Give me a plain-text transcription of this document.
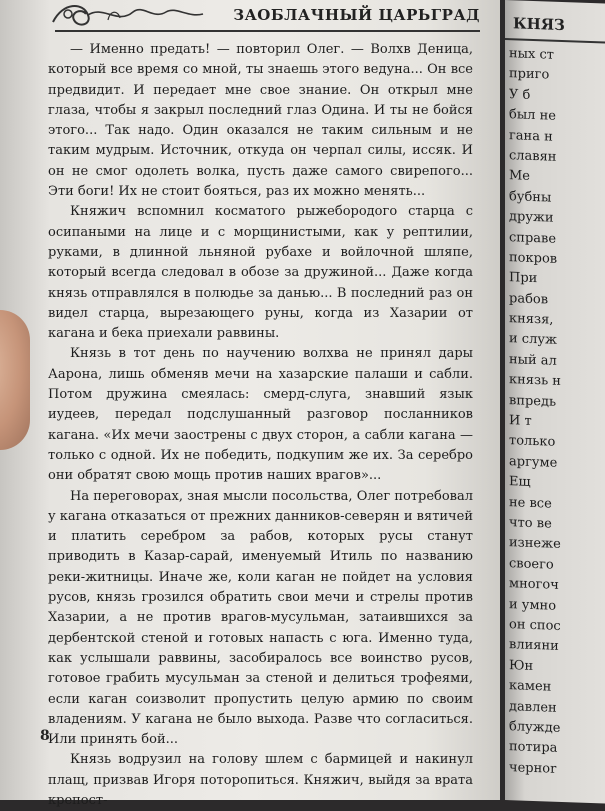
ЗАОБЛАЧНЫЙ ЦАРЬГРАД

— Именно предать! — повторил Олег. — Волхв Деница, который все время со мной, ты знаешь этого ведуна... Он все предвидит. И передает мне свое знание. Он открыл мне глаза, чтобы я закрыл последний глаз Одина. И ты не бойся этого... Так надо. Один оказался не таким сильным и не таким мудрым. Источник, откуда он черпал силы, иссяк. И он не смог одолеть волка, пусть даже самого свирепого... Эти боги! Их не стоит бояться, раз их можно менять...

Княжич вспомнил косматого рыжебородого старца с осипаными на лице и с морщинистыми, как у рептилии, руками, в длинной льняной рубахе и войлочной шляпе, который всегда следовал в обозе за дружиной... Даже когда князь отправлялся в полюдье за данью... В последний раз он видел старца, вырезающего руны, когда из Хазарии от кагана и бека приехали раввины.

Князь в тот день по научению волхва не принял дары Аарона, лишь обменяв мечи на хазарские палаши и сабли. Потом дружина смеялась: смерд-слуга, знавший язык иудеев, передал подслушанный разговор посланников кагана. «Их мечи заострены с двух сторон, а сабли кагана — только с одной. Их не победить, подкупим же их. За серебро они обратят свою мощь против наших врагов»...

На переговорах, зная мысли посольства, Олег потребовал у кагана отказаться от прежних данников-северян и вятичей и платить серебром за рабов, которых русы станут приводить в Казар-сарай, именуемый Итиль по названию реки-житницы. Иначе же, коли каган не пойдет на условия русов, князь грозился обратить свои мечи и стрелы против Хазарии, а не против врагов-мусульман, затаившихся за дербентской стеной и готовых напасть с юга. Именно туда, как услышали раввины, засобиралось все воинство русов, готовое грабить мусульман за стеной и делиться трофеями, если каган соизволит пропустить целую армию по своим владениям. У кагана не было выхода. Разве что согласиться. Или принять бой...

Князь водрузил на голову шлем с бармицей и накинул плащ, призвав Игоря поторопиться. Княжич, выйдя за врата крепост-

8
КНЯЗ
ных ст
приго
У б
был не
гана н
славян
Ме
бубны
дружи
справе
покров
При
рабов
князя,
и служ
ный ал
князь н
впредь
И т
только
аргуме
Ещ
не все
что ве
изнеже
своего
многоч
и умно
он спос
влияни
Юн
камен
давлен
блужде
потира
черноr
